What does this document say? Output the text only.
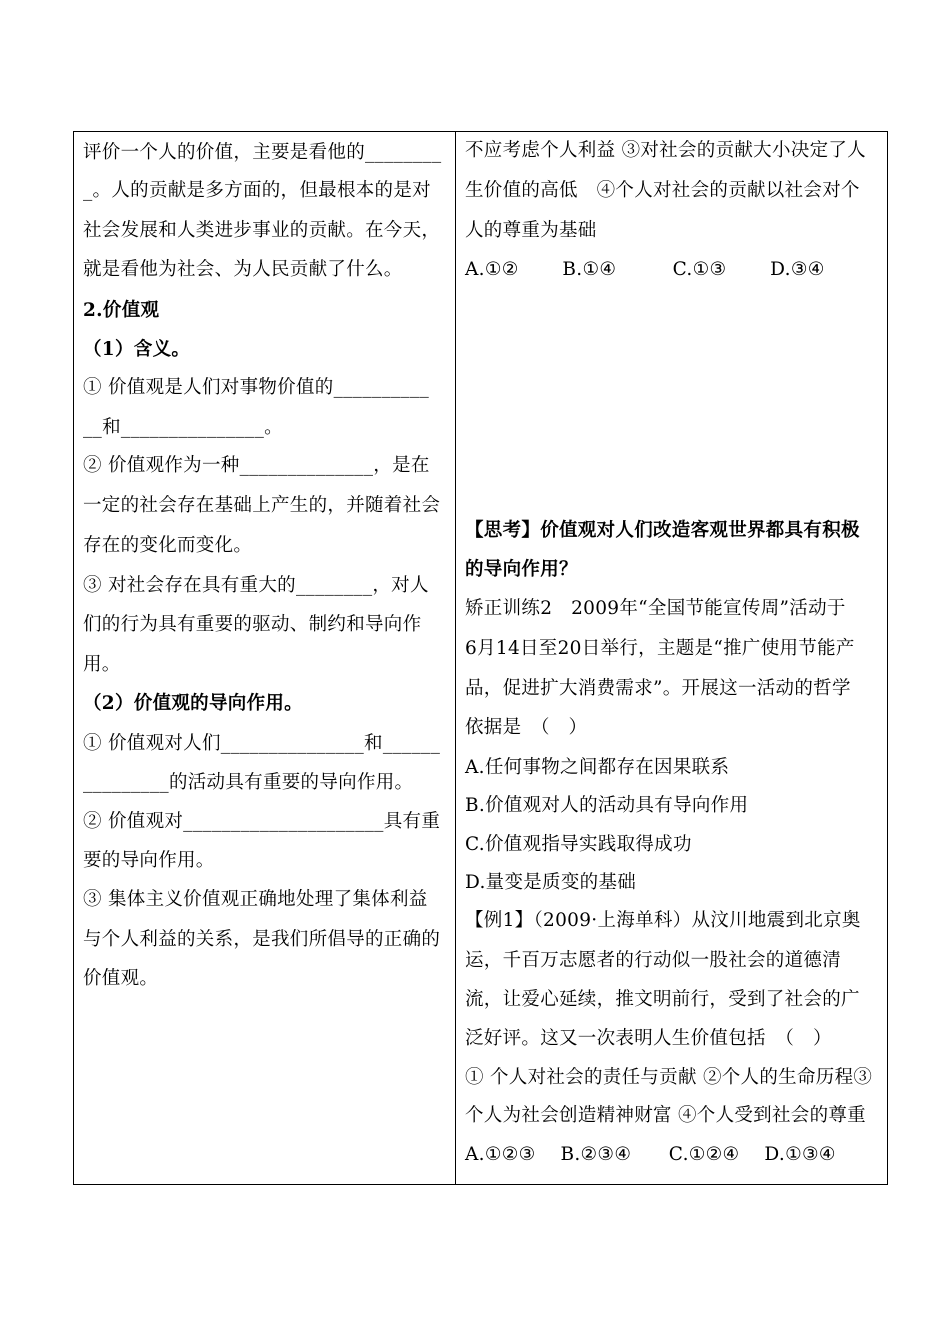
评价一个人的价值，主要是看他的________
_。人的贡献是多方面的，但最根本的是对
社会发展和人类进步事业的贡献。在今天，
就是看他为社会、为人民贡献了什么。
2.价值观
（1）含义。
① 价值观是人们对事物价值的__________
__和_______________。
② 价值观作为一种______________，是在
一定的社会存在基础上产生的，并随着社会
存在的变化而变化。
③ 对社会存在具有重大的________，对人
们的行为具有重要的驱动、制约和导向作
用。
（2）价值观的导向作用。
① 价值观对人们_______________和______
_________的活动具有重要的导向作用。
② 价值观对_____________________具有重
要的导向作用。
③ 集体主义价值观正确地处理了集体利益
与个人利益的关系，是我们所倡导的正确的
价值观。
不应考虑个人利益 ③对社会的贡献大小决定了人
生价值的高低　④个人对社会的贡献以社会对个
人的尊重为基础
A.①②　　 B.①④　　　C.①③　　 D.③④
【思考】价值观对人们改造客观世界都具有积极
的导向作用？
矫正训练2　2009年“全国节能宣传周”活动于
6月14日至20日举行，主题是“推广使用节能产
品，促进扩大消费需求”。开展这一活动的哲学
依据是　（　）
A.任何事物之间都存在因果联系
B.价值观对人的活动具有导向作用
C.价值观指导实践取得成功
D.量变是质变的基础
【例1】（2009·上海单科）从汶川地震到北京奥
运，千百万志愿者的行动似一股社会的道德清
流，让爱心延续，推文明前行，受到了社会的广
泛好评。这又一次表明人生价值包括　（　）
① 个人对社会的责任与贡献 ②个人的生命历程③
个人为社会创造精神财富 ④个人受到社会的尊重
A.①②③　 B.②③④　　C.①②④　 D.①③④
